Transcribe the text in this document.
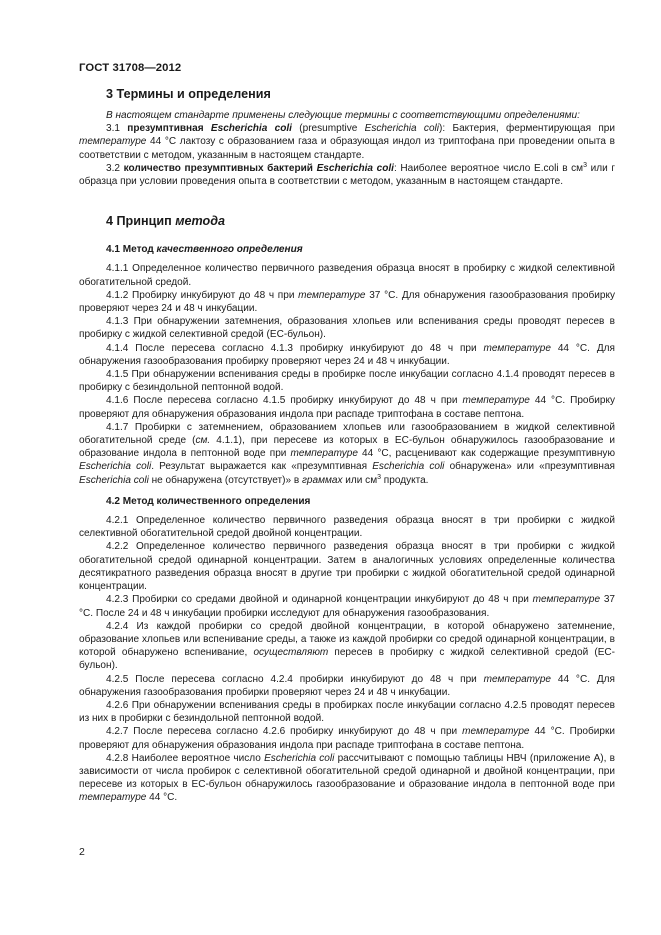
ГОСТ 31708—2012
3 Термины и определения

В настоящем стандарте применены следующие термины с соответствующими определениями:

3.1 презумптивная Escherichia coli (presumptive Escherichia coli): Бактерия, ферментирующая при температуре 44 °С лактозу с образованием газа и образующая индол из триптофана при проведении опыта в соответствии с методом, указанным в настоящем стандарте.

3.2 количество презумптивных бактерий Escherichia coli: Наиболее вероятное число E.coli в $см^3$ или г образца при условии проведения опыта в соответствии с методом, указанным в настоящем стандарте.

4 Принцип метода
4.1 Метод качественного определения

4.1.1 Определенное количество первичного разведения образца вносят в пробирку с жидкой селективной обогатительной средой.

4.1.2 Пробирку инкубируют до 48 ч при температуре 37 °С. Для обнаружения газообразования пробирку проверяют через 24 и 48 ч инкубации.

4.1.3 При обнаружении затемнения, образования хлопьев или вспенивания среды проводят пересев в пробирку с жидкой селективной средой (ЕС-бульон).

4.1.4 После пересева согласно 4.1.3 пробирку инкубируют до 48 ч при температуре 44 °С. Для обнаружения газообразования пробирку проверяют через 24 и 48 ч инкубации.

4.1.5 При обнаружении вспенивания среды в пробирке после инкубации согласно 4.1.4 проводят пересев в пробирку с безиндольной пептонной водой.

4.1.6 После пересева согласно 4.1.5 пробирку инкубируют до 48 ч при температуре 44 °С. Пробирку проверяют для обнаружения образования индола при распаде триптофана в составе пептона.

4.1.7 Пробирки с затемнением, образованием хлопьев или газообразованием в жидкой селективной обогатительной среде (см. 4.1.1), при пересеве из которых в ЕС-бульон обнаружилось газообразование и образование индола в пептонной воде при температуре 44 °С, расценивают как содержащие презумптивную Escherichia coli. Результат выражается как «презумптивная Escherichia coli обнаружена» или «презумптивная Escherichia coli не обнаружена (отсутствует)» в граммах или $см^3$ продукта.

4.2 Метод количественного определения

4.2.1 Определенное количество первичного разведения образца вносят в три пробирки с жидкой селективной обогатительной средой двойной концентрации.

4.2.2 Определенное количество первичного разведения образца вносят в три пробирки с жидкой обогатительной средой одинарной концентрации. Затем в аналогичных условиях определенные количества десятикратного разведения образца вносят в другие три пробирки с жидкой обогатительной средой одинарной концентрации.

4.2.3 Пробирки со средами двойной и одинарной концентрации инкубируют до 48 ч при температуре 37 °С. После 24 и 48 ч инкубации пробирки исследуют для обнаружения газообразования.

4.2.4 Из каждой пробирки со средой двойной концентрации, в которой обнаружено затемнение, образование хлопьев или вспенивание среды, а также из каждой пробирки со средой одинарной концентрации, в которой обнаружено вспенивание, осуществляют пересев в пробирку с жидкой селективной средой (ЕС-бульон).

4.2.5 После пересева согласно 4.2.4 пробирки инкубируют до 48 ч при температуре 44 °С. Для обнаружения газообразования пробирки проверяют через 24 и 48 ч инкубации.

4.2.6 При обнаружении вспенивания среды в пробирках после инкубации согласно 4.2.5 проводят пересев из них в пробирки с безиндольной пептонной водой.

4.2.7 После пересева согласно 4.2.6 пробирку инкубируют до 48 ч при температуре 44 °С. Пробирки проверяют для обнаружения образования индола при распаде триптофана в составе пептона.

4.2.8 Наиболее вероятное число Escherichia coli рассчитывают с помощью таблицы НВЧ (приложение А), в зависимости от числа пробирок с селективной обогатительной средой одинарной и двойной концентрации, при пересеве из которых в ЕС-бульон обнаружилось газообразование и образование индола в пептонной воде при температуре 44 °С.

2
